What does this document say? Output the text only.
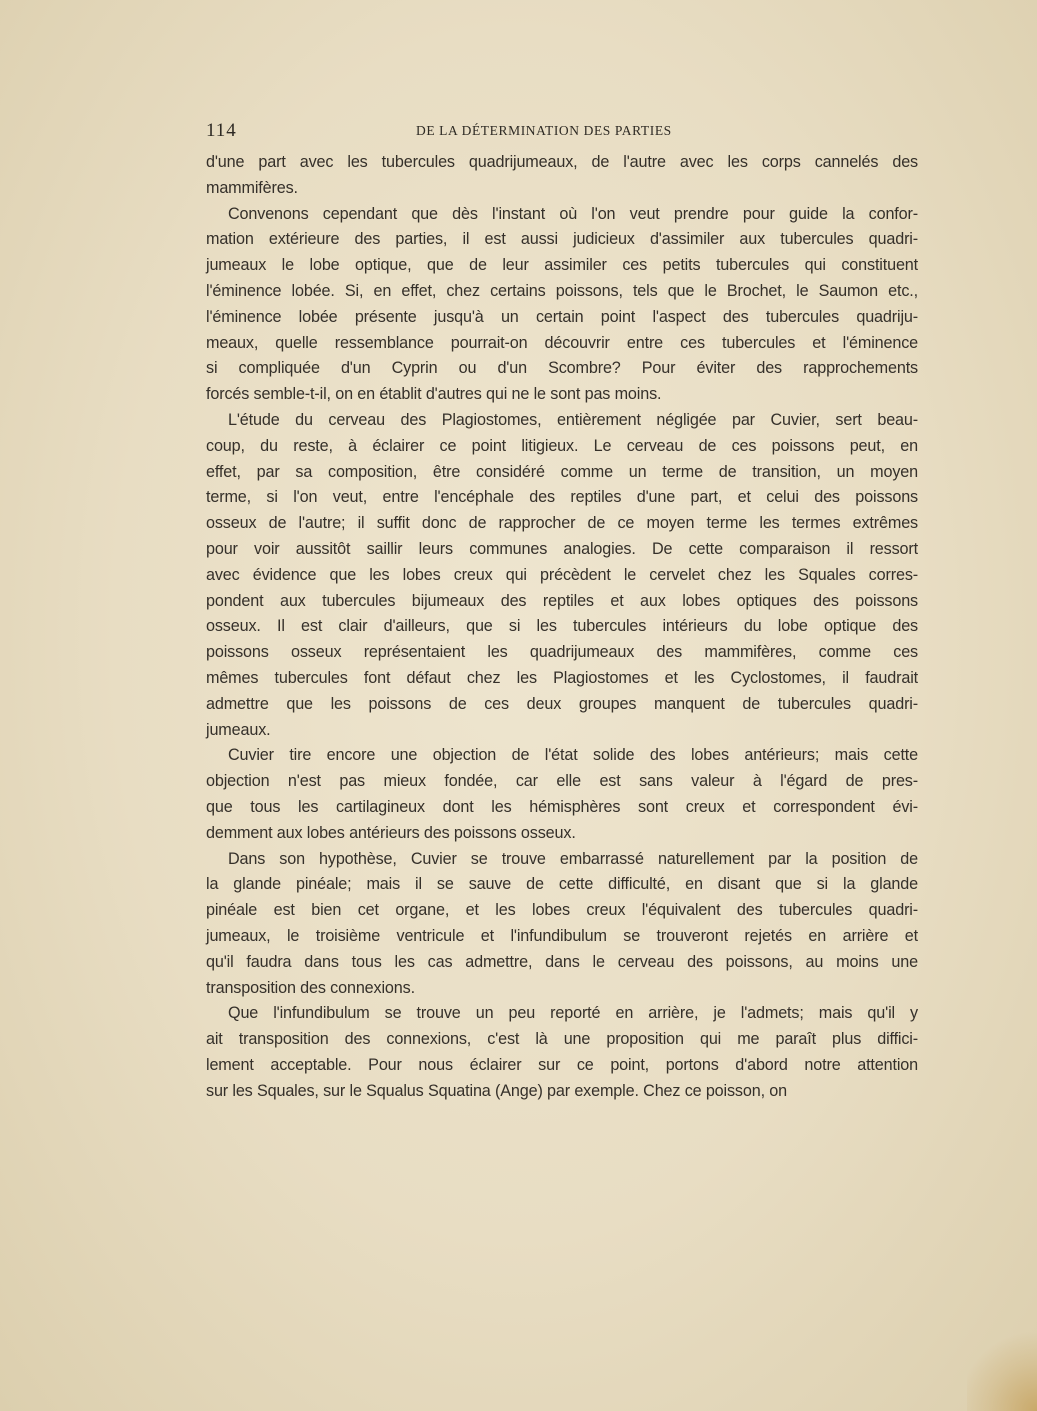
114	DE LA DÉTERMINATION DES PARTIES
d'une part avec les tubercules quadrijumeaux, de l'autre avec les corps cannelés des
mammifères.
Convenons cependant que dès l'instant où l'on veut prendre pour guide la confor-
mation extérieure des parties, il est aussi judicieux d'assimiler aux tubercules quadri-
jumeaux le lobe optique, que de leur assimiler ces petits tubercules qui constituent
l'éminence lobée. Si, en effet, chez certains poissons, tels que le Brochet, le Saumon etc.,
l'éminence lobée présente jusqu'à un certain point l'aspect des tubercules quadriju-
meaux, quelle ressemblance pourrait-on découvrir entre ces tubercules et l'éminence
si compliquée d'un Cyprin ou d'un Scombre? Pour éviter des rapprochements
forcés semble-t-il, on en établit d'autres qui ne le sont pas moins.
L'étude du cerveau des Plagiostomes, entièrement négligée par Cuvier, sert beau-
coup, du reste, à éclairer ce point litigieux. Le cerveau de ces poissons peut, en
effet, par sa composition, être considéré comme un terme de transition, un moyen
terme, si l'on veut, entre l'encéphale des reptiles d'une part, et celui des poissons
osseux de l'autre; il suffit donc de rapprocher de ce moyen terme les termes extrêmes
pour voir aussitôt saillir leurs communes analogies. De cette comparaison il ressort
avec évidence que les lobes creux qui précèdent le cervelet chez les Squales corres-
pondent aux tubercules bijumeaux des reptiles et aux lobes optiques des poissons
osseux. Il est clair d'ailleurs, que si les tubercules intérieurs du lobe optique des
poissons osseux représentaient les quadrijumeaux des mammifères, comme ces
mêmes tubercules font défaut chez les Plagiostomes et les Cyclostomes, il faudrait
admettre que les poissons de ces deux groupes manquent de tubercules quadri-
jumeaux.
Cuvier tire encore une objection de l'état solide des lobes antérieurs; mais cette
objection n'est pas mieux fondée, car elle est sans valeur à l'égard de pres-
que tous les cartilagineux dont les hémisphères sont creux et correspondent évi-
demment aux lobes antérieurs des poissons osseux.
Dans son hypothèse, Cuvier se trouve embarrassé naturellement par la position de
la glande pinéale; mais il se sauve de cette difficulté, en disant que si la glande
pinéale est bien cet organe, et les lobes creux l'équivalent des tubercules quadri-
jumeaux, le troisième ventricule et l'infundibulum se trouveront rejetés en arrière et
qu'il faudra dans tous les cas admettre, dans le cerveau des poissons, au moins une
transposition des connexions.
Que l'infundibulum se trouve un peu reporté en arrière, je l'admets; mais qu'il y
ait transposition des connexions, c'est là une proposition qui me paraît plus diffici-
lement acceptable. Pour nous éclairer sur ce point, portons d'abord notre attention
sur les Squales, sur le Squalus Squatina (Ange) par exemple. Chez ce poisson, on
